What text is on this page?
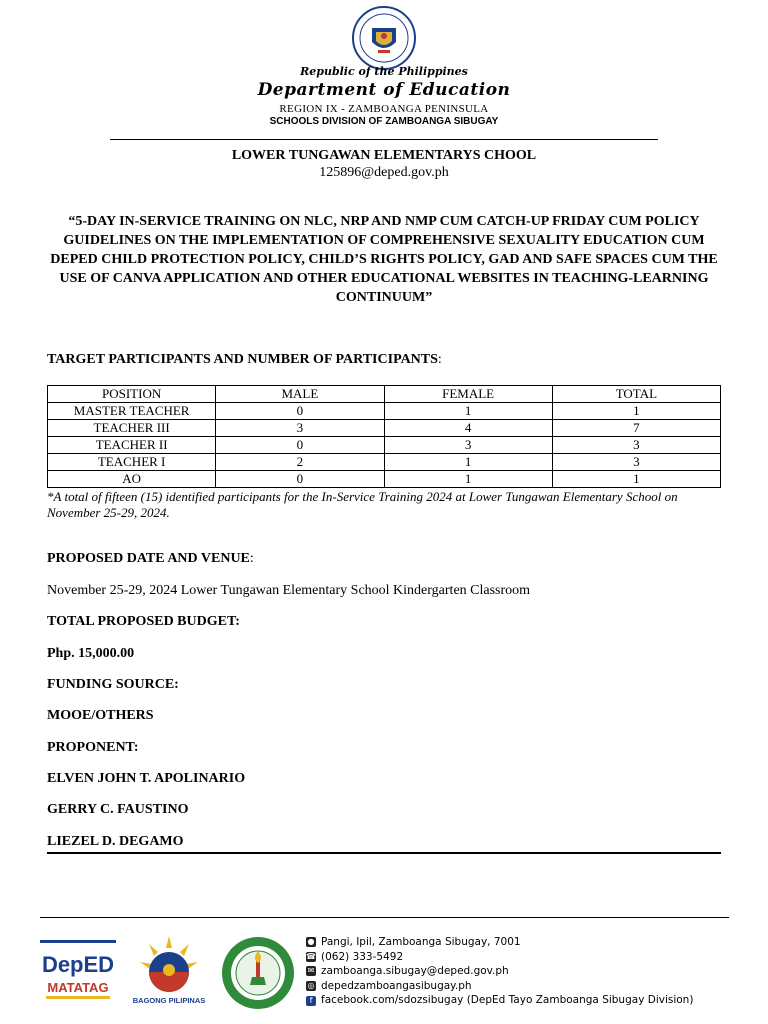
Republic of the Philippines
Department of Education
REGION IX - ZAMBOANGA PENINSULA
SCHOOLS DIVISION OF ZAMBOANGA SIBUGAY
LOWER TUNGAWAN ELEMENTARYS CHOOL
125896@deped.gov.ph
“5-DAY IN-SERVICE TRAINING ON NLC, NRP AND NMP CUM CATCH-UP FRIDAY CUM POLICY GUIDELINES ON THE IMPLEMENTATION OF COMPREHENSIVE SEXUALITY EDUCATION CUM DEPED CHILD PROTECTION POLICY, CHILD’S RIGHTS POLICY, GAD AND SAFE SPACES CUM THE USE OF CANVA APPLICATION AND OTHER EDUCATIONAL WEBSITES IN TEACHING-LEARNING CONTINUUM”
TARGET PARTICIPANTS AND NUMBER OF PARTICIPANTS:
POSITION	MALE	FEMALE	TOTAL
MASTER TEACHER	0	1	1
TEACHER III	3	4	7
TEACHER II	0	3	3
TEACHER I	2	1	3
AO	0	1	1
*A total of fifteen (15) identified participants for the In-Service Training 2024 at Lower Tungawan Elementary School on November 25-29, 2024.
PROPOSED DATE AND VENUE:
November 25-29, 2024 Lower Tungawan Elementary School Kindergarten Classroom
TOTAL PROPOSED BUDGET:
Php. 15,000.00
FUNDING SOURCE:
MOOE/OTHERS
PROPONENT:
ELVEN JOHN T. APOLINARIO
GERRY C. FAUSTINO
LIEZEL D. DEGAMO
DepED
MATATAG
BAGONG PILIPINAS
● Pangi, Ipil, Zamboanga Sibugay, 7001
☎ (062) 333-5492
✉ zamboanga.sibugay@deped.gov.ph
◎ depedzamboangasibugay.ph
f facebook.com/sdozsibugay (DepEd Tayo Zamboanga Sibugay Division)
